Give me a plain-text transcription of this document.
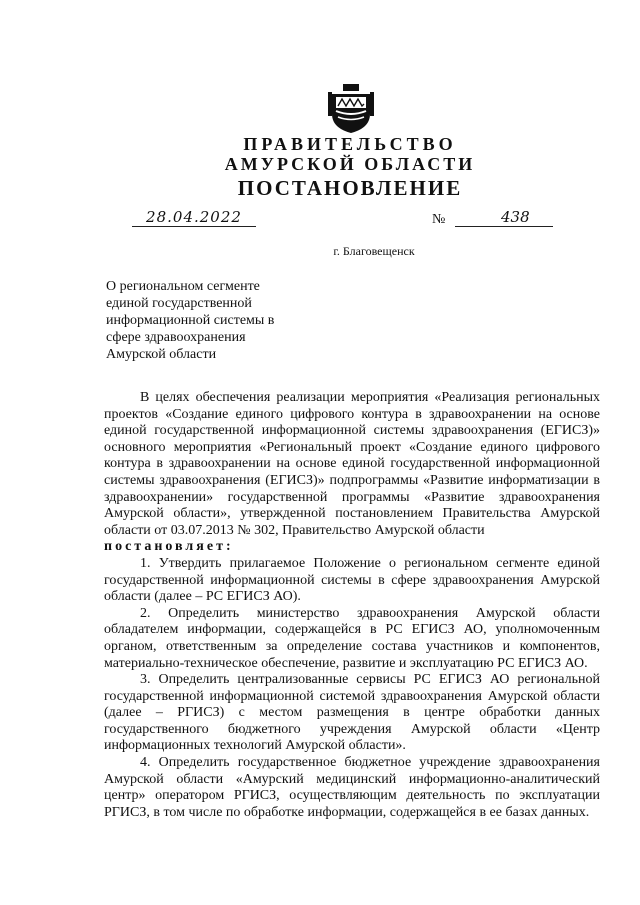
ПРАВИТЕЛЬСТВО
АМУРСКОЙ ОБЛАСТИ
ПОСТАНОВЛЕНИЕ
28.04.2022	№	438
г. Благовещенск
О региональном сегменте
единой государственной
информационной системы в
сфере здравоохранения
Амурской области

В целях обеспечения реализации мероприятия «Реализация региональных проектов «Создание единого цифрового контура в здравоохранении на основе единой государственной информационной системы здравоохранения (ЕГИСЗ)» основного мероприятия «Региональный проект «Создание единого цифрового контура в здравоохранении на основе единой государственной информационной системы здравоохранения (ЕГИСЗ)» подпрограммы «Развитие информатизации в здравоохранении» государственной программы «Развитие здравоохранения Амурской области», утвержденной постановлением Правительства Амурской области от 03.07.2013 № 302, Правительство Амурской области

постановляет:

1. Утвердить прилагаемое Положение о региональном сегменте единой государственной информационной системы в сфере здравоохранения Амурской области (далее – РС ЕГИСЗ АО).

2. Определить министерство здравоохранения Амурской области обладателем информации, содержащейся в РС ЕГИСЗ АО, уполномоченным органом, ответственным за определение состава участников и компонентов, материально-техническое обеспечение, развитие и эксплуатацию РС ЕГИСЗ АО.

3. Определить централизованные сервисы РС ЕГИСЗ АО региональной государственной информационной системой здравоохранения Амурской области (далее – РГИСЗ) с местом размещения в центре обработки данных государственного бюджетного учреждения Амурской области «Центр информационных технологий Амурской области».

4. Определить государственное бюджетное учреждение здравоохранения Амурской области «Амурский медицинский информационно-аналитический центр» оператором РГИСЗ, осуществляющим деятельность по эксплуатации РГИСЗ, в том числе по обработке информации, содержащейся в ее базах данных.
